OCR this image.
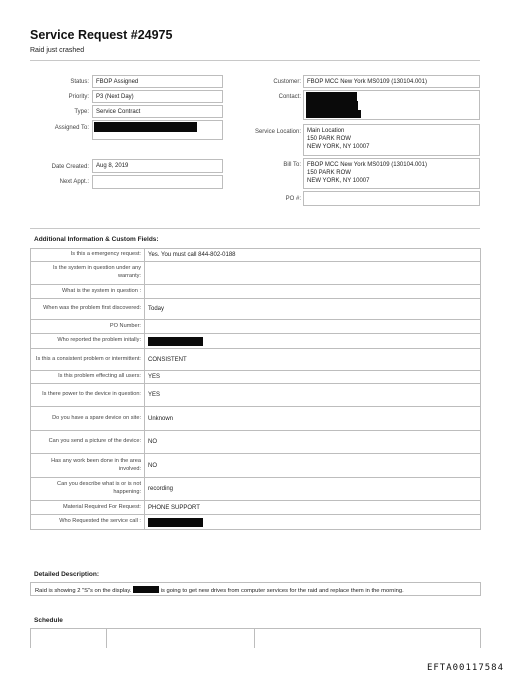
Service Request #24975
Raid just crashed
Status:	FBOP Assigned
Priority:	P3 (Next Day)
Type:	Service Contract
Assigned To:
Date Created:	Aug 8, 2019
Next Appt.:
Customer:	FBOP MCC New York MS0109 (130104.001)
Contact:
Service Location: Main Location
150 PARK ROW
NEW YORK, NY 10007
Bill To: FBOP MCC New York MS0109 (130104.001)
150 PARK ROW
NEW YORK, NY 10007
PO #:
Additional Information & Custom Fields:
Is this a emergency request:	Yes. You must call 844-802-0188
Is the system in question under any warranty:
What is the system in question :
When was the problem first discovered:	Today
PO Number:
Who reported the problem initally:
Is this a consistent problem or intermittent:	CONSISTENT
Is this problem effecting all users:	YES
Is there power to the device in question:	YES
Do you have a spare device on site:	Unknown
Can you send a picture of the device:	NO
Has any work been done in the area involved:	NO
Can you describe what is or is not happening:	recording
Material Required For Request:	PHONE SUPPORT
Who Requested the service call :
Detailed Description:
Raid is showing 2 "S"s on the display.	is going to get new drives from computer services for the raid and replace them in the morning.
Schedule
EFTA00117584
